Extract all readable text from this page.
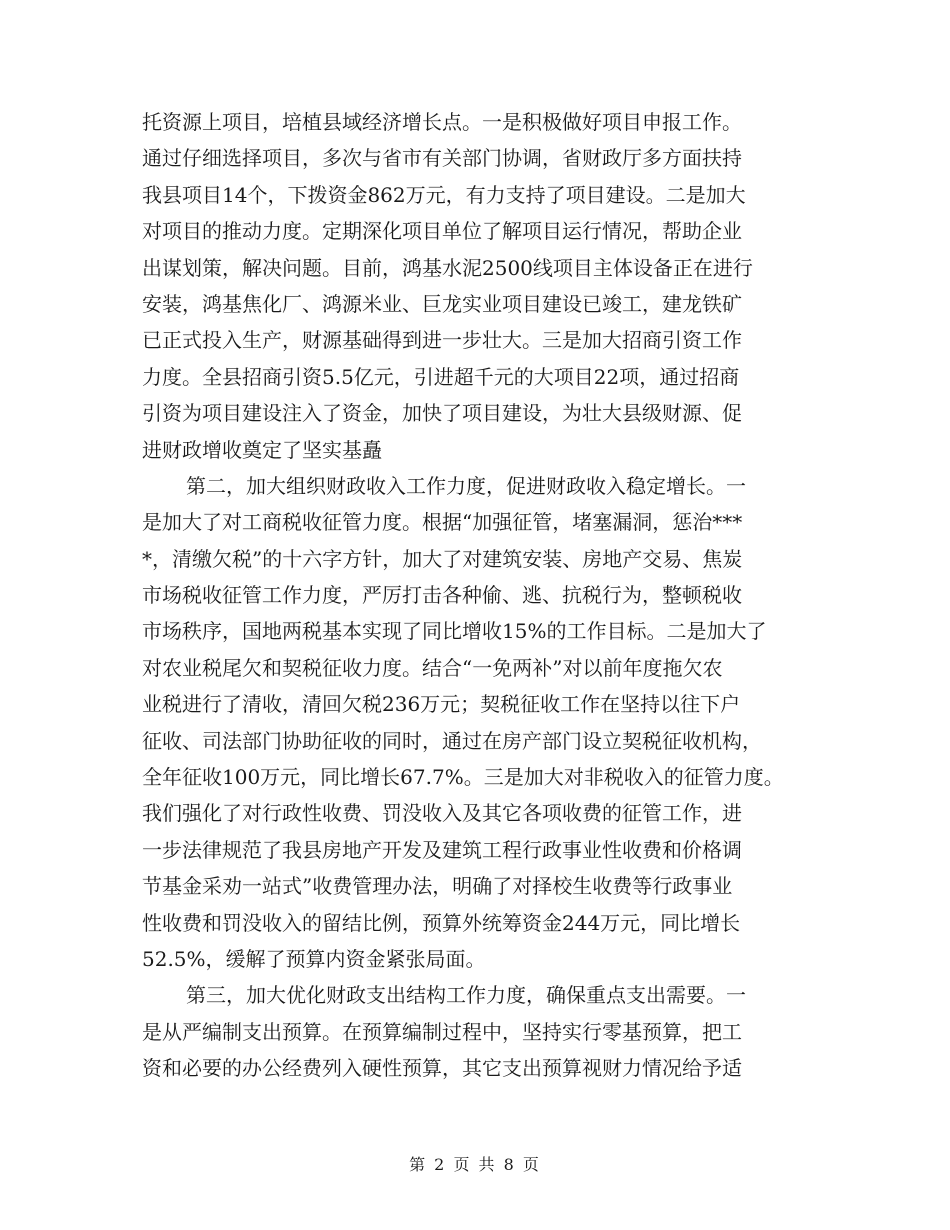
托资源上项目，培植县域经济增长点。一是积极做好项目申报工作。
通过仔细选择项目，多次与省市有关部门协调，省财政厅多方面扶持
我县项目14个，下拨资金862万元，有力支持了项目建设。二是加大
对项目的推动力度。定期深化项目单位了解项目运行情况，帮助企业
出谋划策，解决问题。目前，鸿基水泥2500线项目主体设备正在进行
安装，鸿基焦化厂、鸿源米业、巨龙实业项目建设已竣工，建龙铁矿
已正式投入生产，财源基础得到进一步壮大。三是加大招商引资工作
力度。全县招商引资5.5亿元，引进超千元的大项目22项，通过招商
引资为项目建设注入了资金，加快了项目建设，为壮大县级财源、促
进财政增收奠定了坚实基矗
第二，加大组织财政收入工作力度，促进财政收入稳定增长。一
是加大了对工商税收征管力度。根据“加强征管，堵塞漏洞，惩治***
*，清缴欠税”的十六字方针，加大了对建筑安装、房地产交易、焦炭
市场税收征管工作力度，严厉打击各种偷、逃、抗税行为，整顿税收
市场秩序，国地两税基本实现了同比增收15%的工作目标。二是加大了
对农业税尾欠和契税征收力度。结合“一免两补”对以前年度拖欠农
业税进行了清收，清回欠税236万元；契税征收工作在坚持以往下户
征收、司法部门协助征收的同时，通过在房产部门设立契税征收机构，
全年征收100万元，同比增长67.7%。三是加大对非税收入的征管力度。
我们强化了对行政性收费、罚没收入及其它各项收费的征管工作，进
一步法律规范了我县房地产开发及建筑工程行政事业性收费和价格调
节基金采劝一站式”收费管理办法，明确了对择校生收费等行政事业
性收费和罚没收入的留结比例，预算外统筹资金244万元，同比增长
52.5%，缓解了预算内资金紧张局面。
第三，加大优化财政支出结构工作力度，确保重点支出需要。一
是从严编制支出预算。在预算编制过程中，坚持实行零基预算，把工
资和必要的办公经费列入硬性预算，其它支出预算视财力情况给予适
第 2 页 共 8 页
